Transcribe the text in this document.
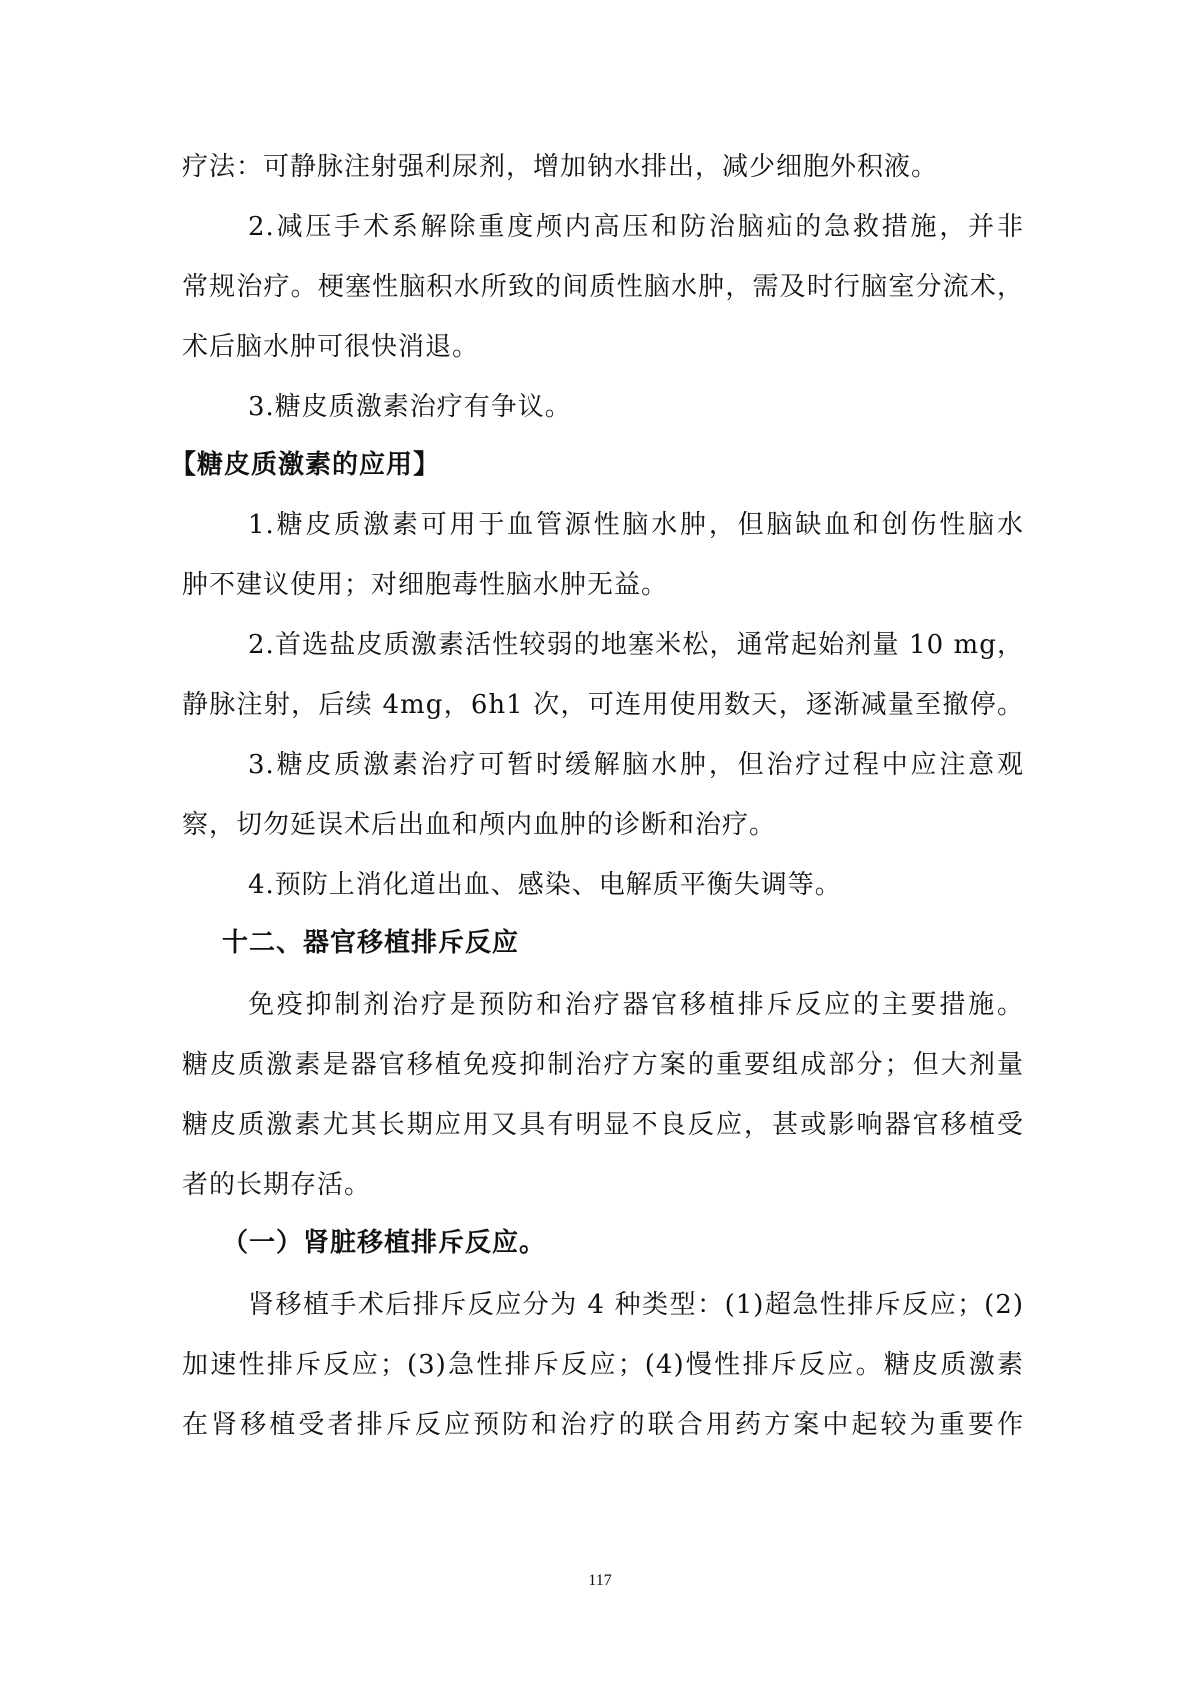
疗法：可静脉注射强利尿剂，增加钠水排出，减少细胞外积液。
2.减压手术系解除重度颅内高压和防治脑疝的急救措施，并非
常规治疗。梗塞性脑积水所致的间质性脑水肿，需及时行脑室分流术，
术后脑水肿可很快消退。
3.糖皮质激素治疗有争议。
【糖皮质激素的应用】
1.糖皮质激素可用于血管源性脑水肿，但脑缺血和创伤性脑水
肿不建议使用；对细胞毒性脑水肿无益。
2.首选盐皮质激素活性较弱的地塞米松，通常起始剂量 10 mg，
静脉注射，后续 4mg，6h1 次，可连用使用数天，逐渐减量至撤停。
3.糖皮质激素治疗可暂时缓解脑水肿，但治疗过程中应注意观
察，切勿延误术后出血和颅内血肿的诊断和治疗。
4.预防上消化道出血、感染、电解质平衡失调等。
十二、器官移植排斥反应
免疫抑制剂治疗是预防和治疗器官移植排斥反应的主要措施。
糖皮质激素是器官移植免疫抑制治疗方案的重要组成部分；但大剂量
糖皮质激素尤其长期应用又具有明显不良反应，甚或影响器官移植受
者的长期存活。
（一）肾脏移植排斥反应。
肾移植手术后排斥反应分为 4 种类型：(1)超急性排斥反应；(2)
加速性排斥反应；(3)急性排斥反应；(4)慢性排斥反应。糖皮质激素
在肾移植受者排斥反应预防和治疗的联合用药方案中起较为重要作
117
